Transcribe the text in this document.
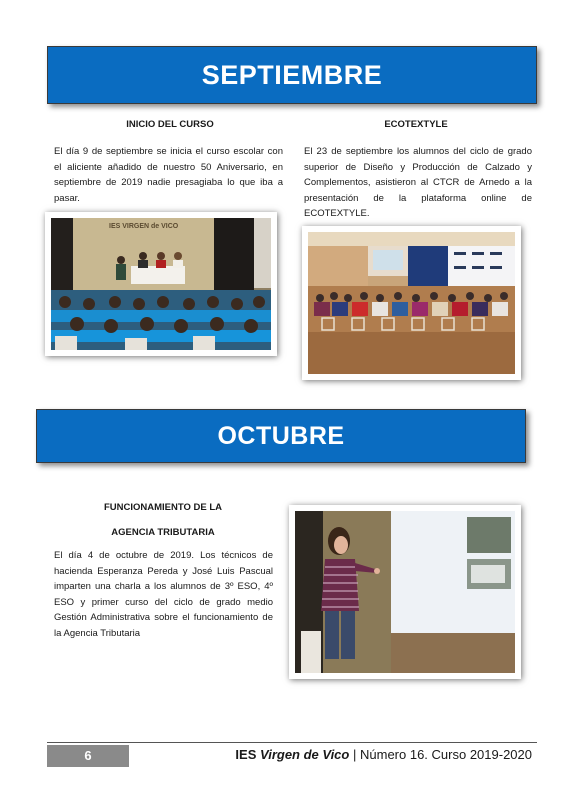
SEPTIEMBRE
INICIO DEL CURSO
El día 9 de septiembre se inicia el curso escolar con el aliciente añadido de nuestro 50 Aniversario, en septiembre de 2019 nadie presagiaba lo que iba a pasar.
IES VIRGEN de VICO
ECOTEXTYLE
El 23 de septiembre los alumnos del ciclo de grado superior de Diseño y Producción de Calzado y Complementos, asistieron al CTCR de Arnedo a la presentación de la plataforma online de ECOTEXTYLE.
OCTUBRE
FUNCIONAMIENTO DE LA
AGENCIA TRIBUTARIA
El día 4 de octubre de 2019. Los técnicos de hacienda Esperanza Pereda y José Luis Pascual imparten una charla a los alumnos de 3º ESO, 4º ESO y primer curso del ciclo de grado medio Gestión Administrativa sobre el funcionamiento de la Agencia Tributaria
6	IES Virgen de Vico | Número 16. Curso 2019-2020
